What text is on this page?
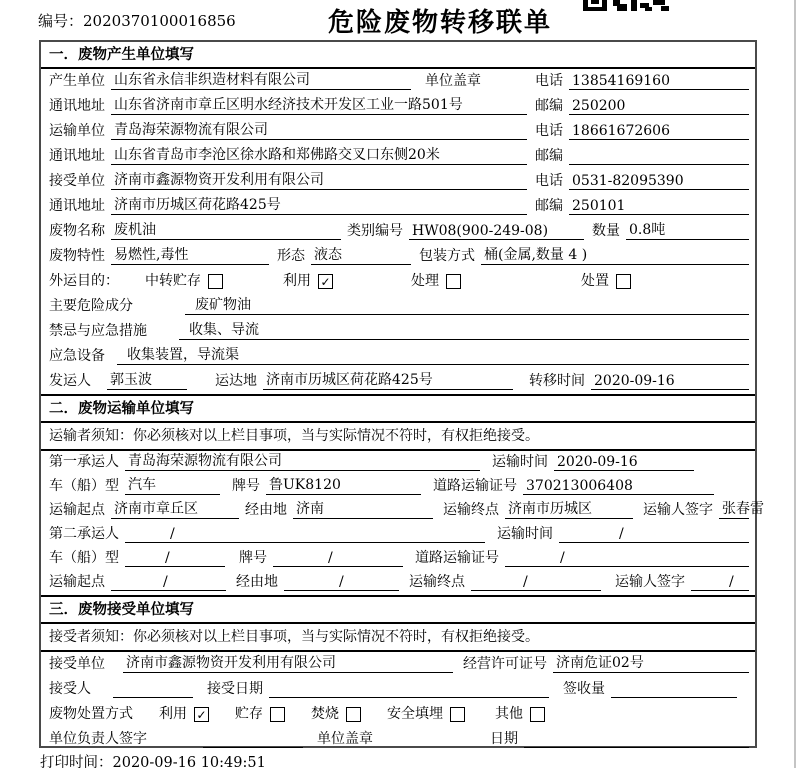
编号：2020370100016856	危险废物转移联单
一．废物产生单位填写
产生单位 山东省永信非织造材料有限公司	单位盖章	电话 13854169160
通讯地址 山东省济南市章丘区明水经济技术开发区工业一路501号	邮编 250200
运输单位 青岛海荣源物流有限公司	电话 18661672606
通讯地址 山东省青岛市李沧区徐水路和郑佛路交叉口东侧20米	邮编
接受单位 济南市鑫源物资开发利用有限公司	电话 0531-82095390
通讯地址 济南市历城区荷花路425号	邮编 250101
废物名称 废机油	类别编号 HW08(900-249-08)	数量 0.8吨
废物特性 易燃性,毒性	形态 液态	包装方式 桶(金属,数量 4 )
外运目的： 中转贮存	利用 ✓	处理	处置
主要危险成分	废矿物油
禁忌与应急措施	收集、导流
应急设备	收集装置，导流渠
发运人 郭玉波	运达地 济南市历城区荷花路425号	转移时间 2020-09-16
二．废物运输单位填写
运输者须知：你必须核对以上栏目事项，当与实际情况不符时，有权拒绝接受。
第一承运人 青岛海荣源物流有限公司	运输时间 2020-09-16
车（船）型 汽车	牌号 鲁UK8120	道路运输证号 370213006408
运输起点 济南市章丘区	经由地 济南	运输终点 济南市历城区	运输人签字 张春雷
第二承运人	/	运输时间	/
车（船）型	/	牌号	/	道路运输证号	/
运输起点	/	经由地	/	运输终点	/	运输人签字	/
三．废物接受单位填写
接受者须知：你必须核对以上栏目事项，当与实际情况不符时，有权拒绝接受。
接受单位 济南市鑫源物资开发利用有限公司	经营许可证号 济南危证02号
接受人	接受日期	签收量
废物处置方式 利用 ✓ 贮存	焚烧	安全填埋	其他
单位负责人签字	单位盖章	日期
打印时间：2020-09-16 10:49:51
